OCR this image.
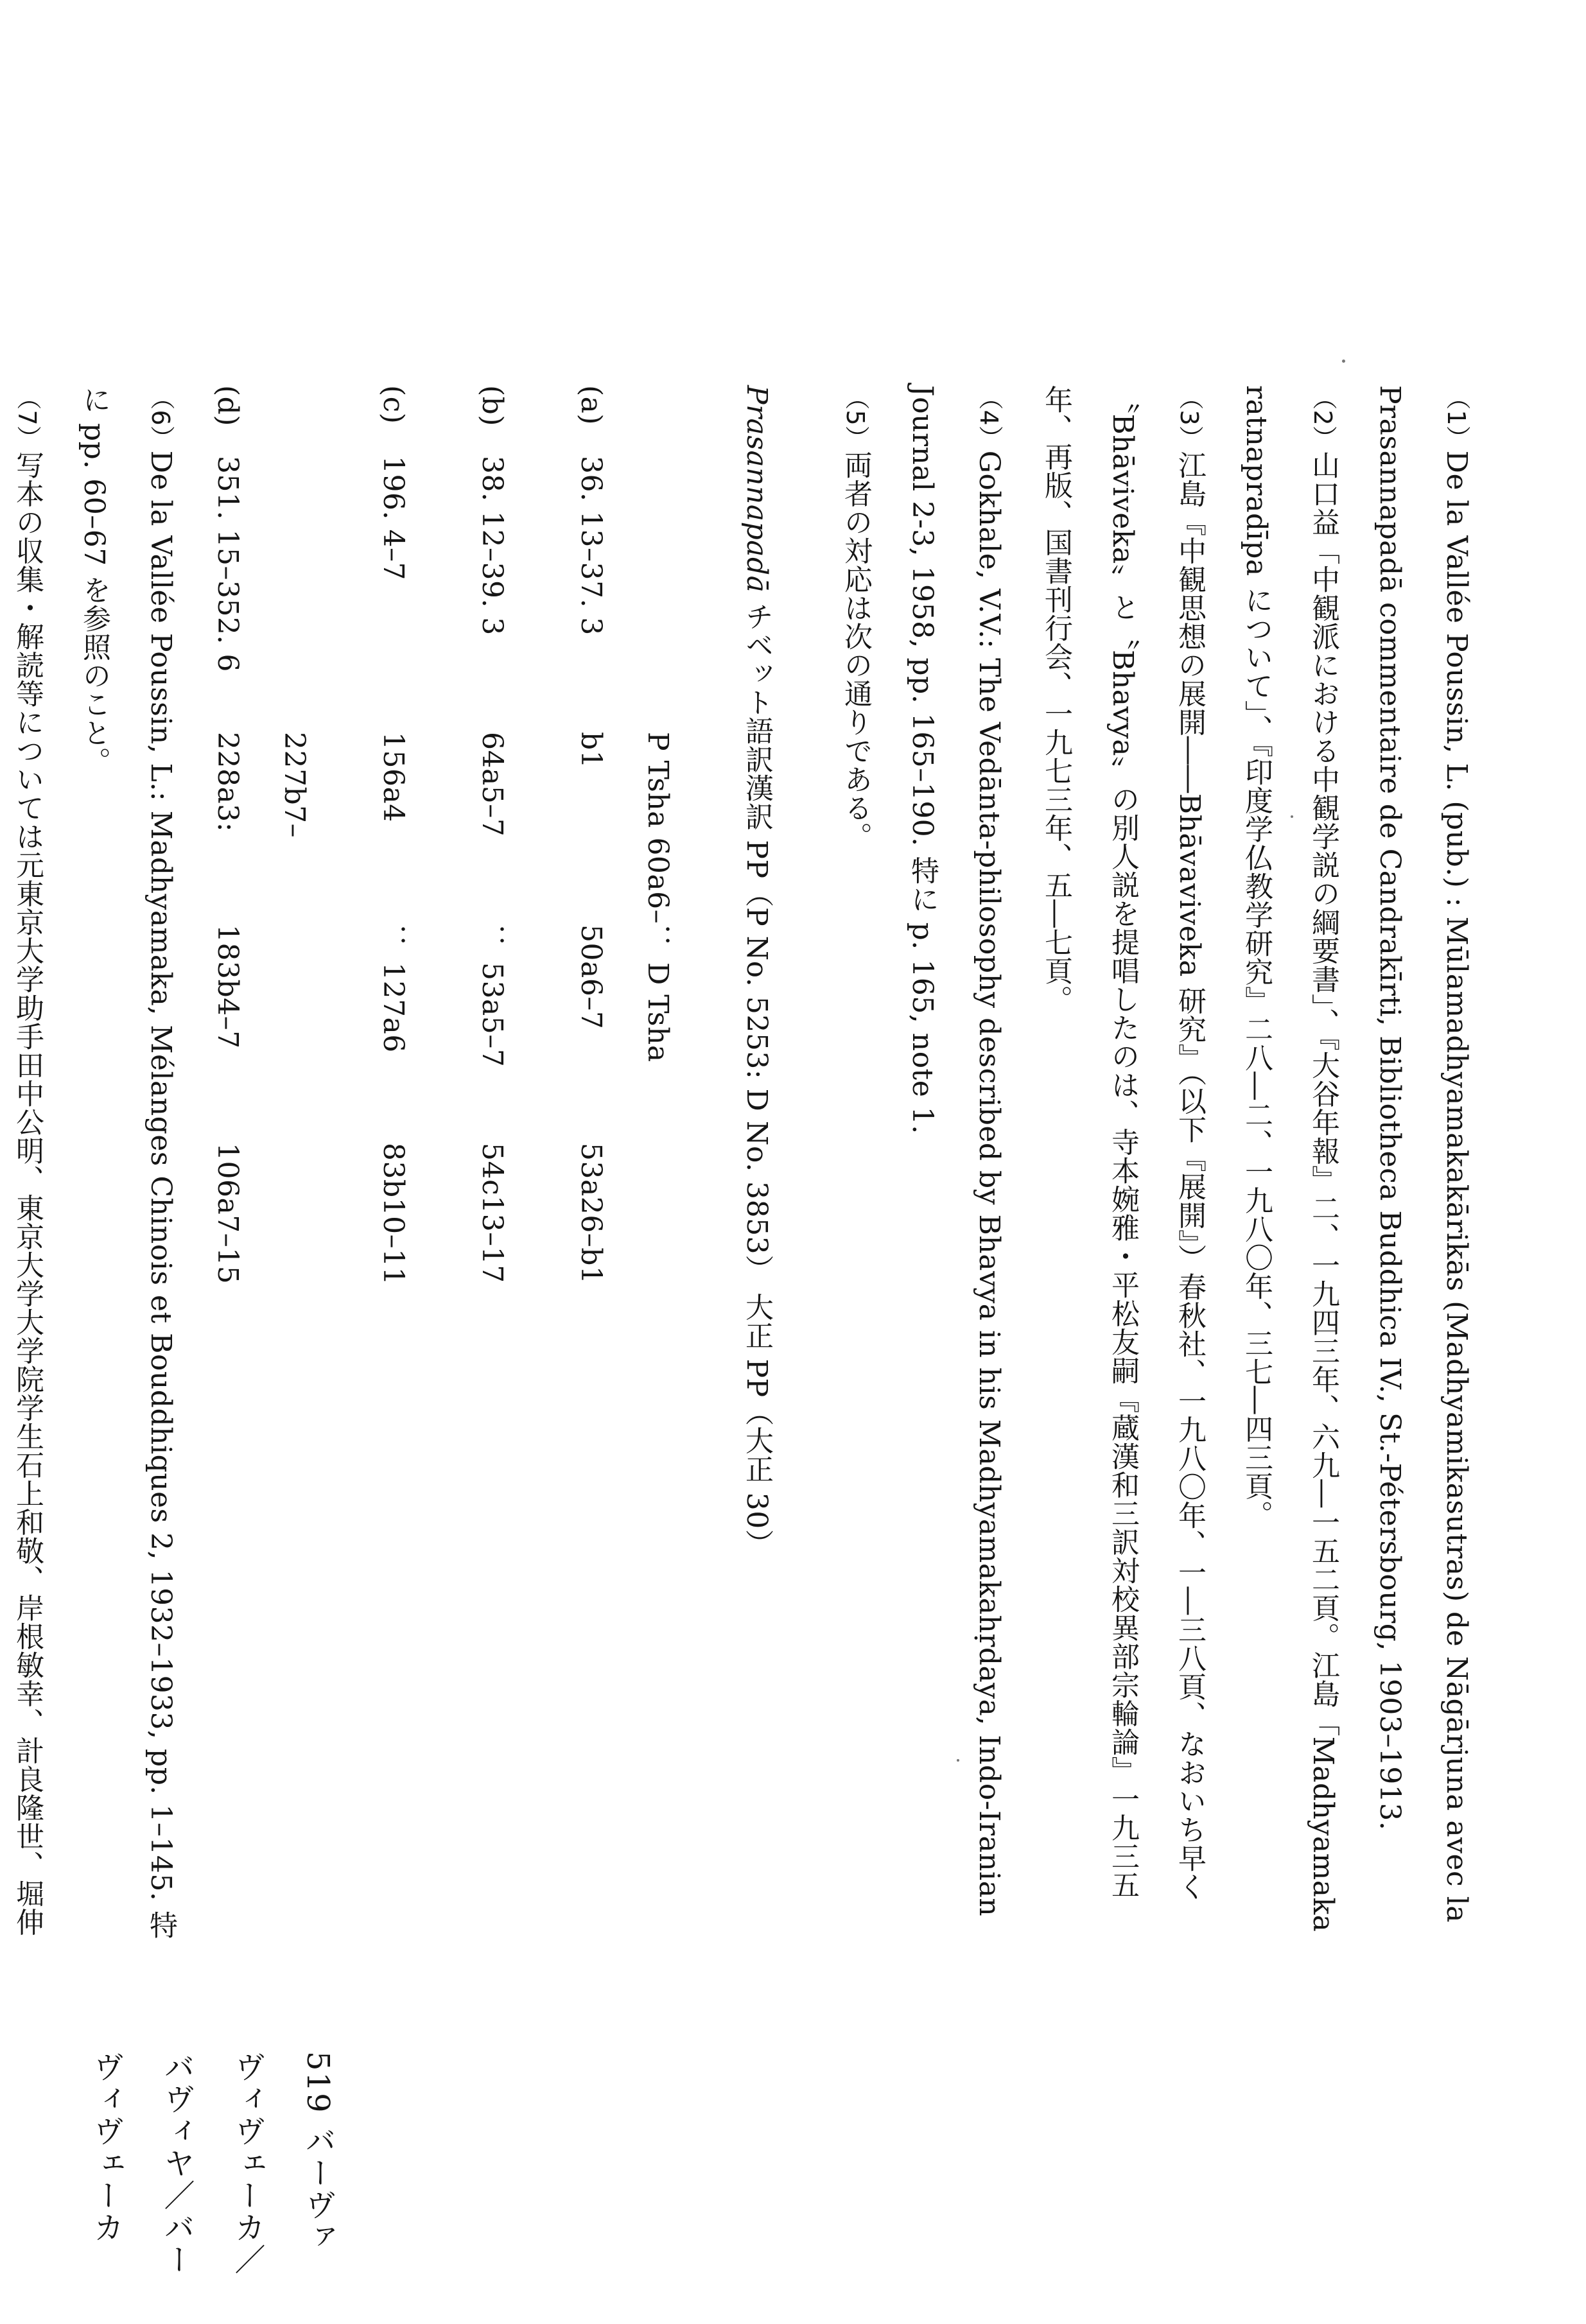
（1）De la Vallée Poussin, L. (pub.) : Mūlamadhyamakakārikās (Madhyamikasutras) de Nāgārjuna avec la Prasannapadā commentaire de Candrakīrti, Bibliotheca Buddhica IV., St.-Pétersbourg, 1903–1913.
（2）山口益「中観派における中観学説の綱要書」、『大谷年報』二、一九四三年、六九―一五二頁。江島「Madhyamaka ratnapradīpa について」、『印度学仏教学研究』二八―二、一九八〇年、三七―四三頁。
（3）江島『中観思想の展開――Bhāvaviveka 研究』（以下『展開』）春秋社、一九八〇年、一―三八頁、なおいち早く〝Bhāviveka〟と〝Bhavya〟の別人説を提唱したのは、寺本婉雅・平松友嗣『蔵漢和三訳対校異部宗輪論』一九三五年、再版、国書刊行会、一九七三年、五―七頁。
（4）Gokhale, V.V.: The Vedānta-philosophy described by Bhavya in his Madhyamakahṛdaya, Indo-Iranian Journal 2-3, 1958, pp. 165–190. 特に p. 165, note 1.
（5）両者の対応は次の通りである。
Prasannapadā チベット語訳漢訳 PP（P No. 5253: D No. 3853） 大正 PP（大正 30）
(a)36. 13–37. 3P Tsha 60a6–b1： D Tsha 50a6–753a26–b1
(b)38. 12–39. 364a5–7： 53a5–754c13–17
(c)196. 4–7156a4： 127a683b10–11
(d)351. 15–352. 6227b7–228a3:183b4–7106a7–15
（6）De la Vallée Poussin, L.: Madhyamaka, Mélanges Chinois et Bouddhiques 2, 1932–1933, pp. 1–145. 特に pp. 60–67 を参照のこと。
（7）写本の収集・解読等については元東京大学助手田中公明、東京大学大学院学生石上和敬、岸根敏幸、計良隆世、堀伸
519 バーヴァヴィヴェーカ／バヴィヤ／バーヴィヴェーカ
